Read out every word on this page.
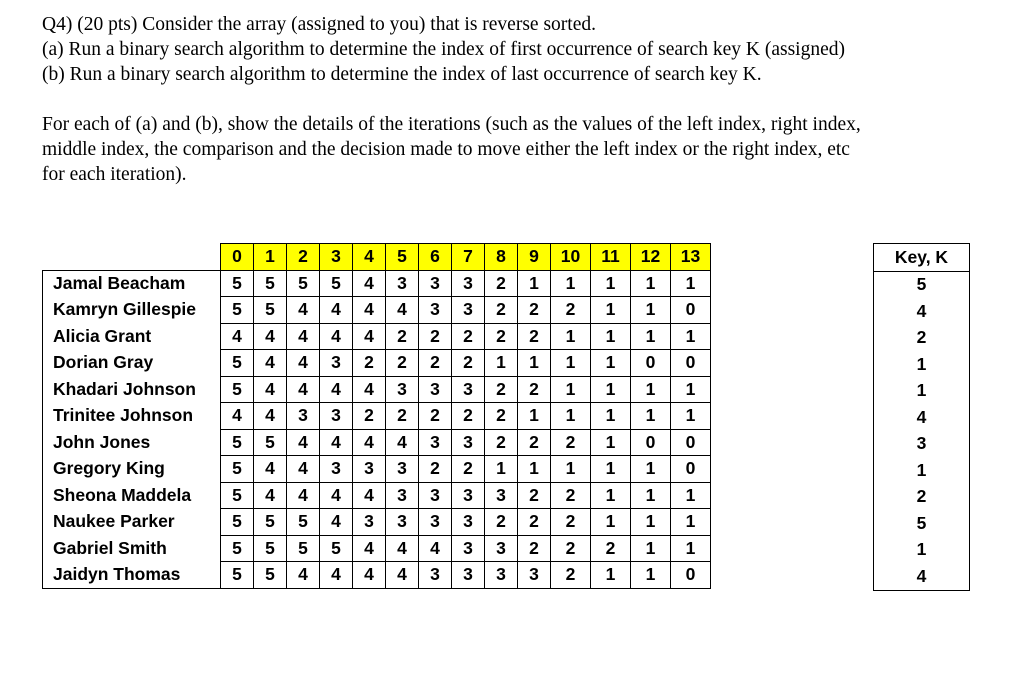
Q4) (20 pts) Consider the array (assigned to you) that is reverse sorted.

(a) Run a binary search algorithm to determine the index of first occurrence of search key K (assigned)

(b) Run a binary search algorithm to determine the index of last occurrence of search key K.

For each of (a) and (b), show the details of the iterations (such as the values of the left index, right index,

middle index, the comparison and the decision made to move either the left index or the right index, etc

for each iteration).

	0	1	2	3	4	5	6	7	8	9	10	11	12	13
Jamal Beacham	5	5	5	5	4	3	3	3	2	1	1	1	1	1
Kamryn Gillespie	5	5	4	4	4	4	3	3	2	2	2	1	1	0
Alicia Grant	4	4	4	4	4	2	2	2	2	2	1	1	1	1
Dorian Gray	5	4	4	3	2	2	2	2	1	1	1	1	0	0
Khadari Johnson	5	4	4	4	4	3	3	3	2	2	1	1	1	1
Trinitee Johnson	4	4	3	3	2	2	2	2	2	1	1	1	1	1
John Jones	5	5	4	4	4	4	3	3	2	2	2	1	0	0
Gregory King	5	4	4	3	3	3	2	2	1	1	1	1	1	0
Sheona Maddela	5	4	4	4	4	3	3	3	3	2	2	1	1	1
Naukee Parker	5	5	5	4	3	3	3	3	2	2	2	1	1	1
Gabriel Smith	5	5	5	5	4	4	4	3	3	2	2	2	1	1
Jaidyn Thomas	5	5	4	4	4	4	3	3	3	3	2	1	1	0
Key, K
5
4
2
1
1
4
3
1
2
5
1
4
